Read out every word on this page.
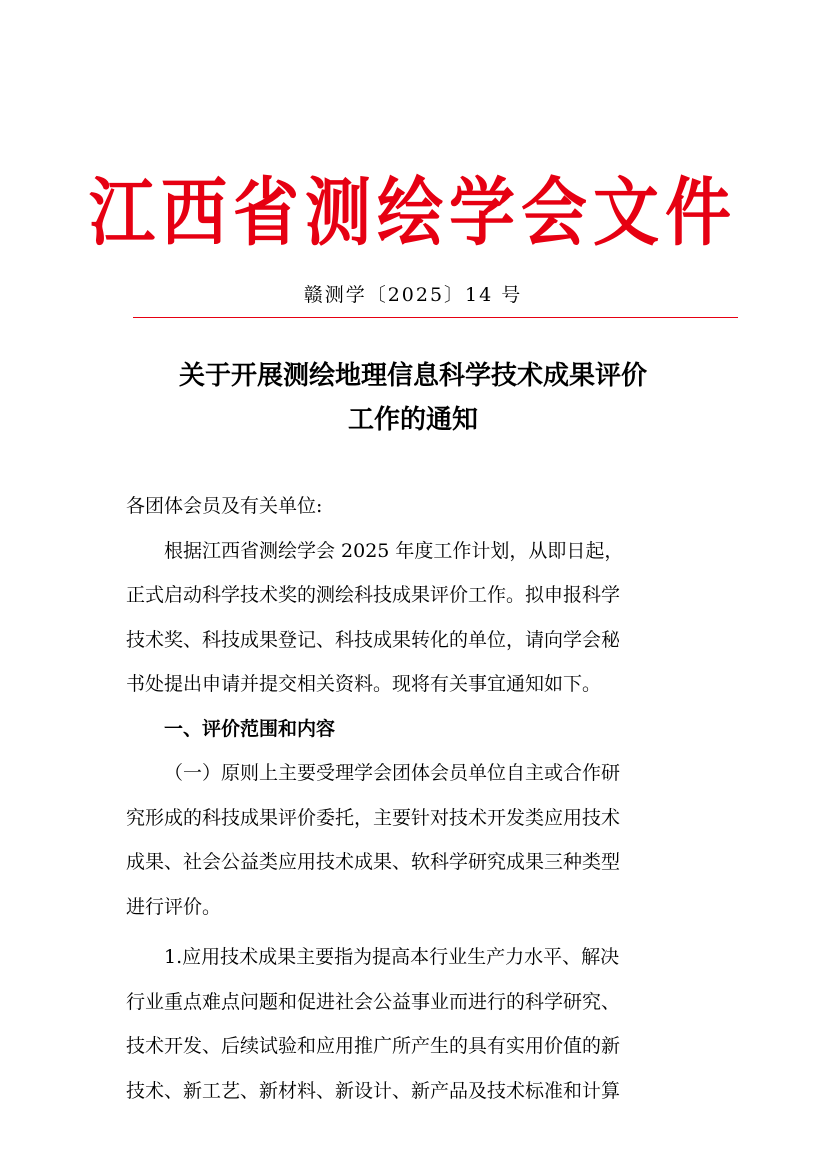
江西省测绘学会文件
赣测学〔2025〕14 号
关于开展测绘地理信息科学技术成果评价
工作的通知
各团体会员及有关单位:
根据江西省测绘学会 2025 年度工作计划，从即日起，
正式启动科学技术奖的测绘科技成果评价工作。拟申报科学
技术奖、科技成果登记、科技成果转化的单位，请向学会秘
书处提出申请并提交相关资料。现将有关事宜通知如下。
一、评价范围和内容
（一）原则上主要受理学会团体会员单位自主或合作研
究形成的科技成果评价委托，主要针对技术开发类应用技术
成果、社会公益类应用技术成果、软科学研究成果三种类型
进行评价。
1.应用技术成果主要指为提高本行业生产力水平、解决
行业重点难点问题和促进社会公益事业而进行的科学研究、
技术开发、后续试验和应用推广所产生的具有实用价值的新
技术、新工艺、新材料、新设计、新产品及技术标准和计算
